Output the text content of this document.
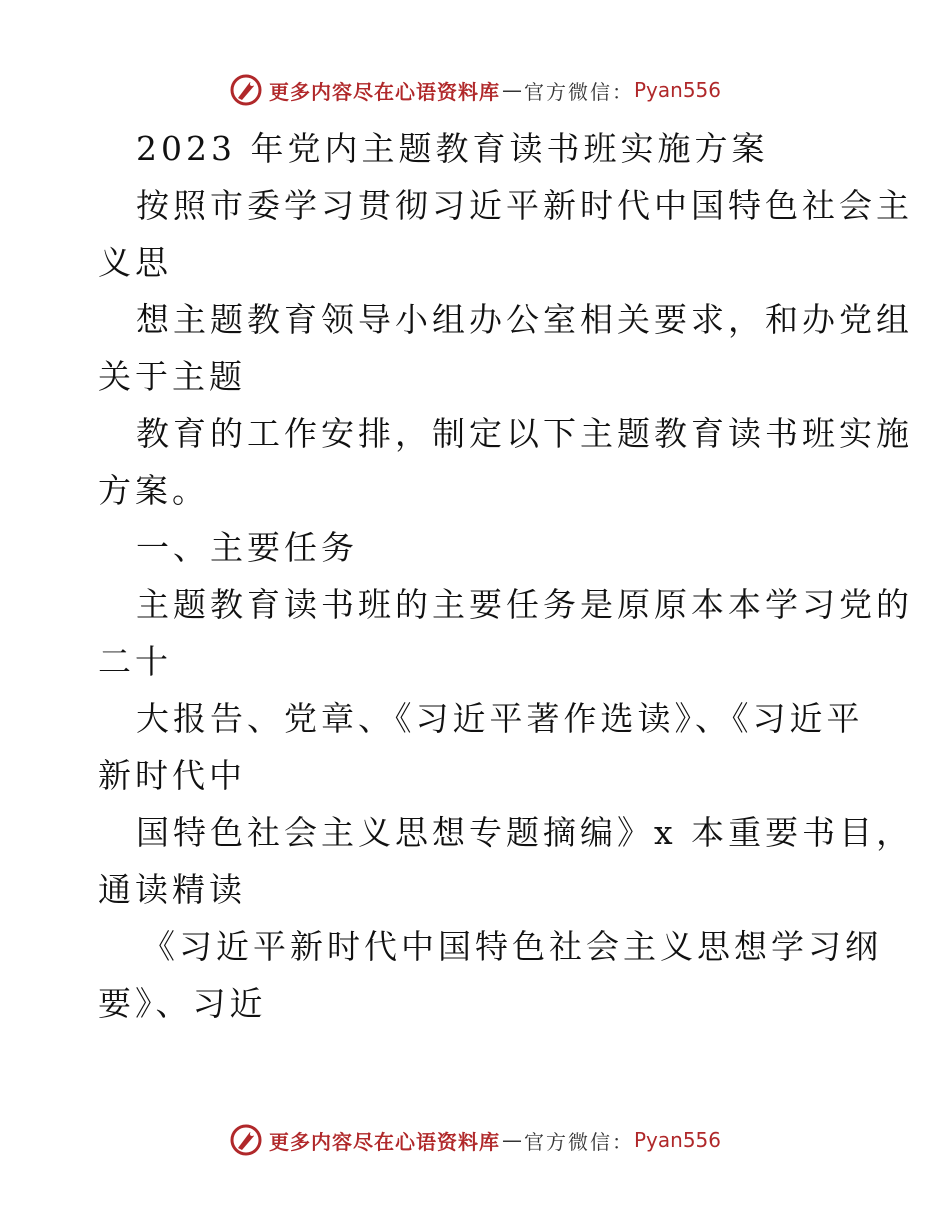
更多内容尽在心语资料库 — 官方微信： Pyan556
2023 年党内主题教育读书班实施方案
按照市委学习贯彻习近平新时代中国特色社会主
义思
想主题教育领导小组办公室相关要求，和办党组
关于主题
教育的工作安排，制定以下主题教育读书班实施
方案。
一、主要任务
主题教育读书班的主要任务是原原本本学习党的
二十
大报告、党章、《习近平著作选读》、《习近平
新时代中
国特色社会主义思想专题摘编》x 本重要书目，
通读精读
《习近平新时代中国特色社会主义思想学习纲
要》、习近
更多内容尽在心语资料库 — 官方微信： Pyan556
